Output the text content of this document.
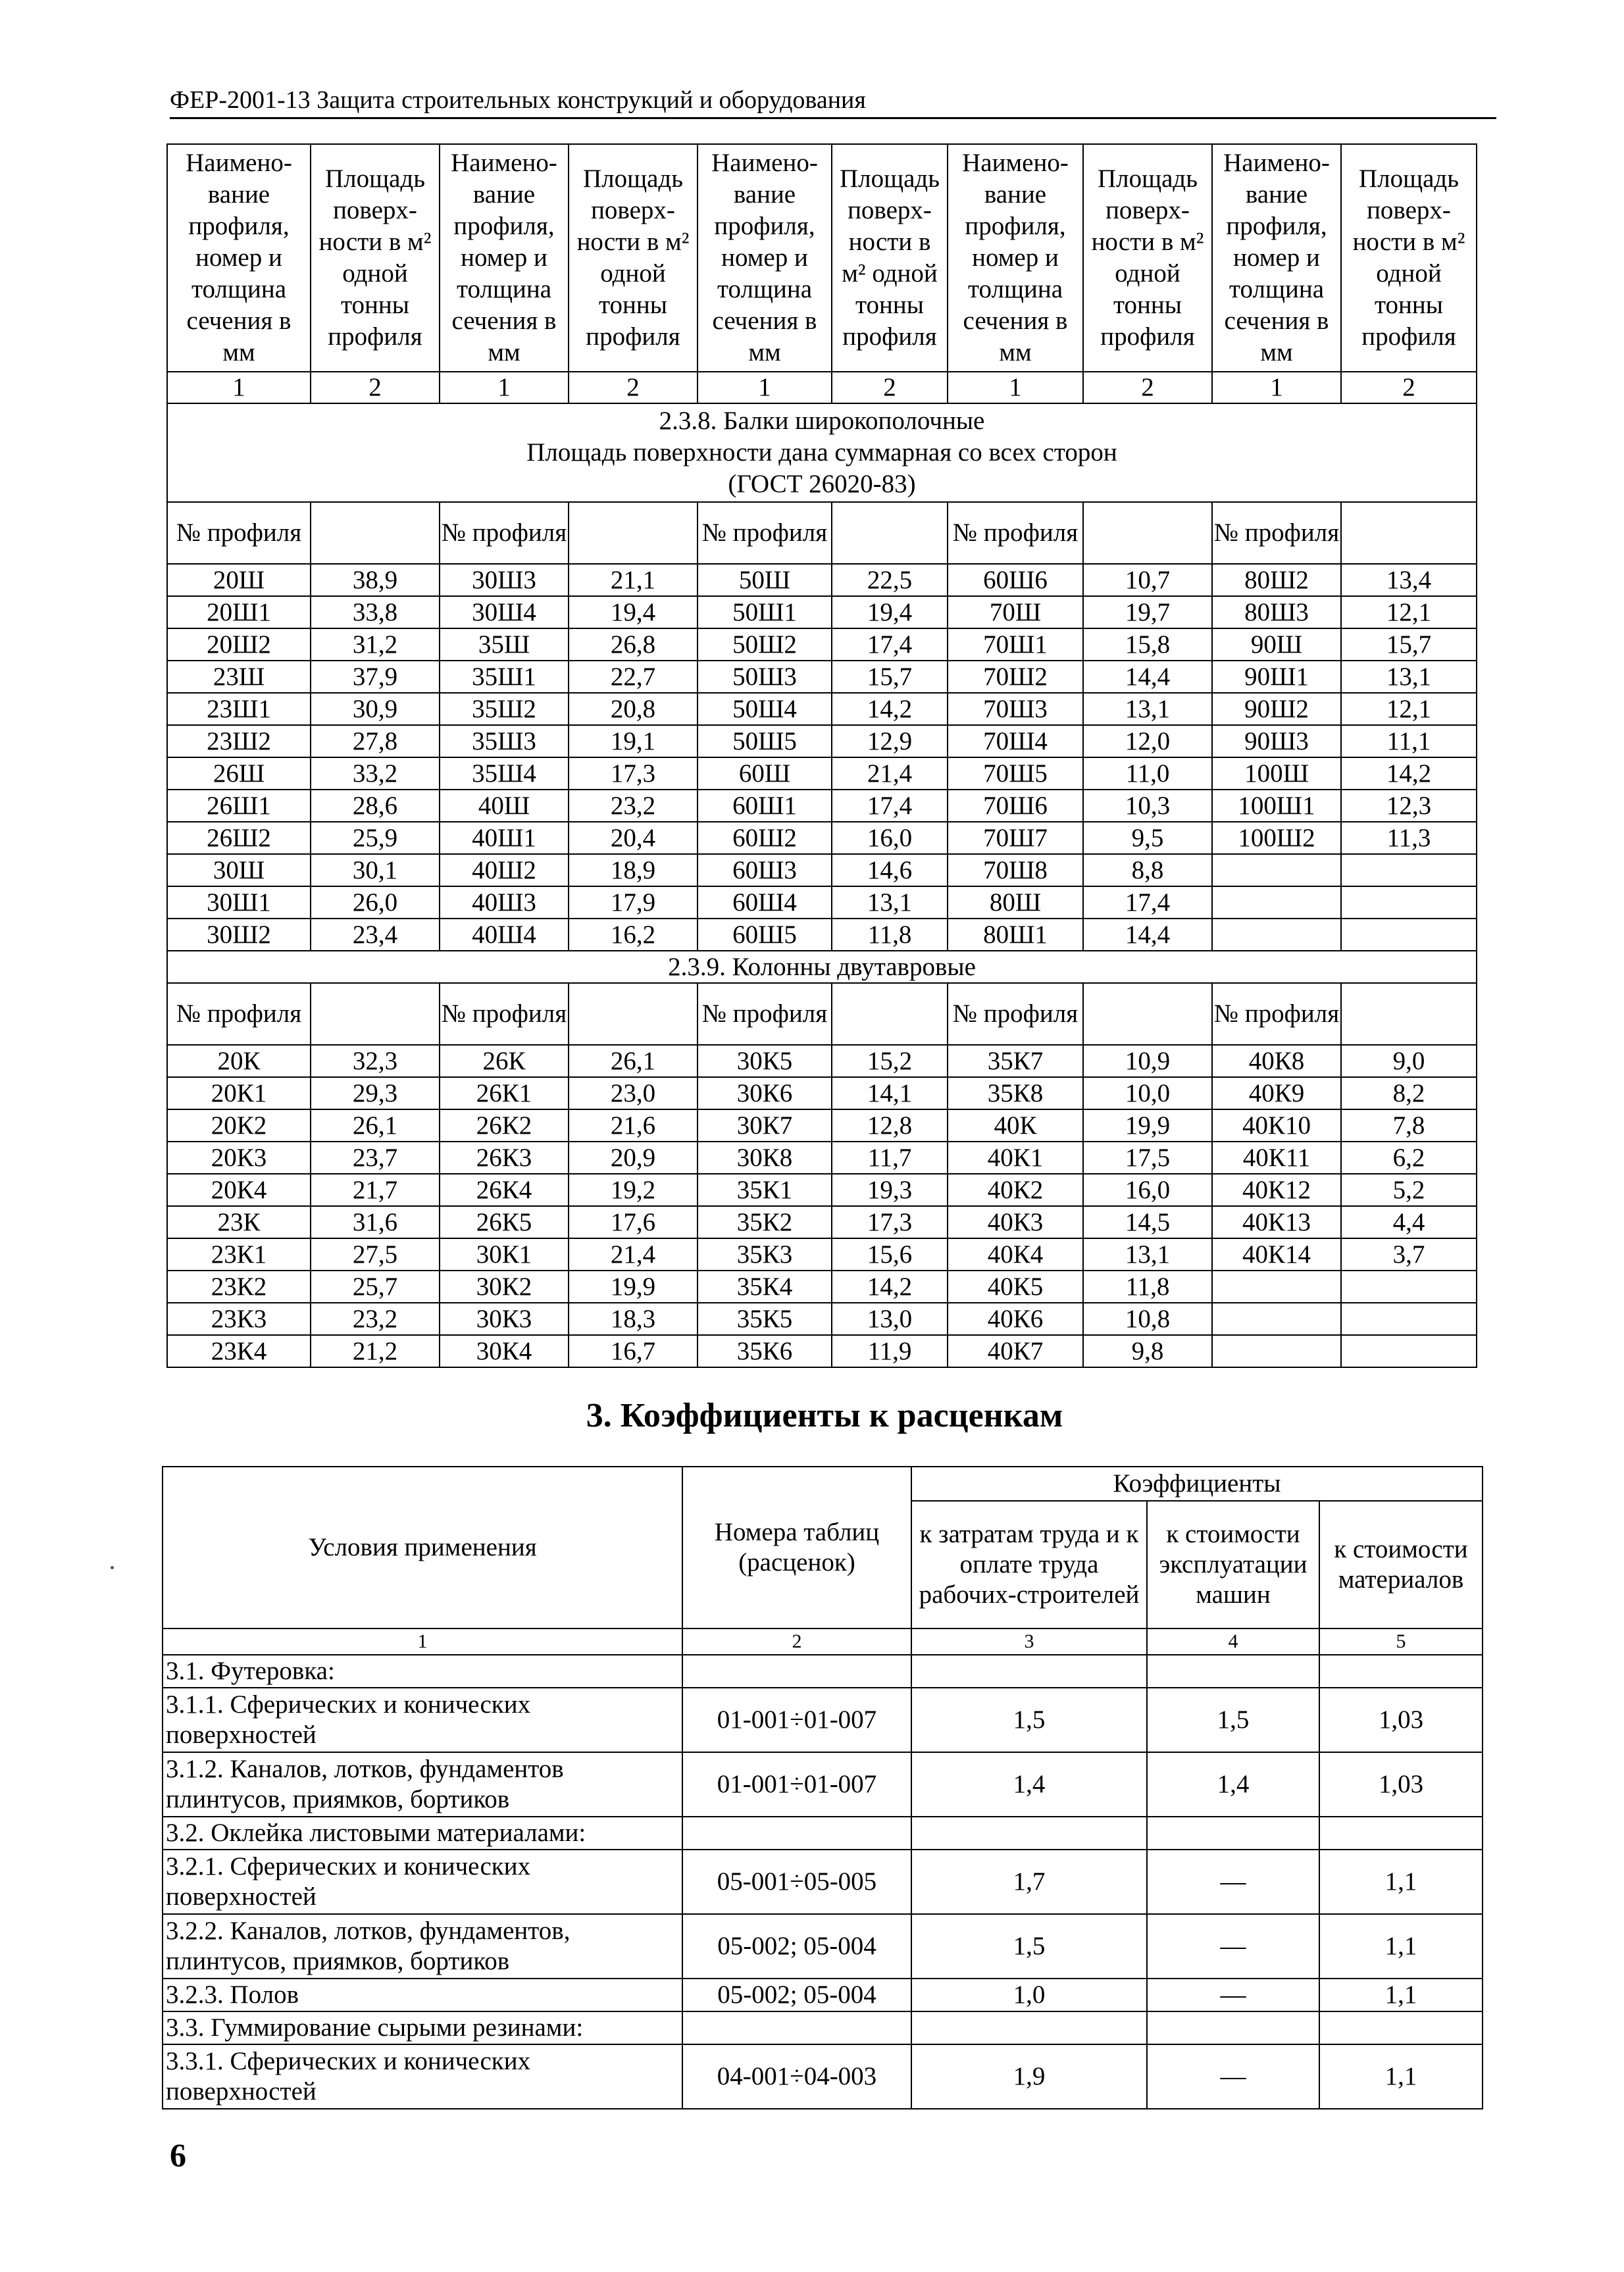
ФЕР-2001-13 Защита строительных конструкций и оборудования
Наимено-вание профиля, номер и толщина сечения в мм	Площадь поверх-ности в м² одной тонны профиля	Наимено-вание профиля, номер и толщина сечения в мм	Площадь поверх-ности в м² одной тонны профиля	Наимено-вание профиля, номер и толщина сечения в мм	Площадь поверх-ности в м² одной тонны профиля	Наимено-вание профиля, номер и толщина сечения в мм	Площадь поверх-ности в м² одной тонны профиля	Наимено-вание профиля, номер и толщина сечения в мм	Площадь поверх-ности в м² одной тонны профиля
1	2	1	2	1	2	1	2	1	2

2.3.8. Балки широкополочные
Площадь поверхности дана суммарная со всех сторон
(ГОСТ 26020-83)									

№ профиля		№ профиля		№ профиля		№ профиля		№ профиля	
20Ш	38,9	30Ш3	21,1	50Ш	22,5	60Ш6	10,7	80Ш2	13,4
20Ш1	33,8	30Ш4	19,4	50Ш1	19,4	70Ш	19,7	80Ш3	12,1
20Ш2	31,2	35Ш	26,8	50Ш2	17,4	70Ш1	15,8	90Ш	15,7
23Ш	37,9	35Ш1	22,7	50Ш3	15,7	70Ш2	14,4	90Ш1	13,1
23Ш1	30,9	35Ш2	20,8	50Ш4	14,2	70Ш3	13,1	90Ш2	12,1
23Ш2	27,8	35Ш3	19,1	50Ш5	12,9	70Ш4	12,0	90Ш3	11,1
26Ш	33,2	35Ш4	17,3	60Ш	21,4	70Ш5	11,0	100Ш	14,2
26Ш1	28,6	40Ш	23,2	60Ш1	17,4	70Ш6	10,3	100Ш1	12,3
26Ш2	25,9	40Ш1	20,4	60Ш2	16,0	70Ш7	9,5	100Ш2	11,3
30Ш	30,1	40Ш2	18,9	60Ш3	14,6	70Ш8	8,8		
30Ш1	26,0	40Ш3	17,9	60Ш4	13,1	80Ш	17,4		
30Ш2	23,4	40Ш4	16,2	60Ш5	11,8	80Ш1	14,4		
2.3.9. Колонны двутавровые									
№ профиля		№ профиля		№ профиля		№ профиля		№ профиля	
20К	32,3	26К	26,1	30К5	15,2	35К7	10,9	40К8	9,0
20К1	29,3	26К1	23,0	30К6	14,1	35К8	10,0	40К9	8,2
20К2	26,1	26К2	21,6	30К7	12,8	40К	19,9	40К10	7,8
20К3	23,7	26К3	20,9	30К8	11,7	40К1	17,5	40К11	6,2
20К4	21,7	26К4	19,2	35К1	19,3	40К2	16,0	40К12	5,2
23К	31,6	26К5	17,6	35К2	17,3	40К3	14,5	40К13	4,4
23К1	27,5	30К1	21,4	35К3	15,6	40К4	13,1	40К14	3,7
23К2	25,7	30К2	19,9	35К4	14,2	40К5	11,8		
23К3	23,2	30К3	18,3	35К5	13,0	40К6	10,8		
23К4	21,2	30К4	16,7	35К6	11,9	40К7	9,8		
3. Коэффициенты к расценкам
Условия применения	Номера таблиц (расценок)	Коэффициенты		
		к затратам труда и к оплате труда рабочих-строителей	к стоимости эксплуатации машин	к стоимости материалов
1	2	3	4	5
3.1. Футеровка:				
3.1.1. Сферических и конических поверхностей	01-001÷01-007	1,5	1,5	1,03
3.1.2. Каналов, лотков, фундаментов плинтусов, приямков, бортиков	01-001÷01-007	1,4	1,4	1,03
3.2. Оклейка листовыми материалами:				
3.2.1. Сферических и конических поверхностей	05-001÷05-005	1,7	—	1,1
3.2.2. Каналов, лотков, фундаментов, плинтусов, приямков, бортиков	05-002; 05-004	1,5	—	1,1
3.2.3. Полов	05-002; 05-004	1,0	—	1,1
3.3. Гуммирование сырыми резинами:				
3.3.1. Сферических и конических поверхностей	04-001÷04-003	1,9	—	1,1
6
